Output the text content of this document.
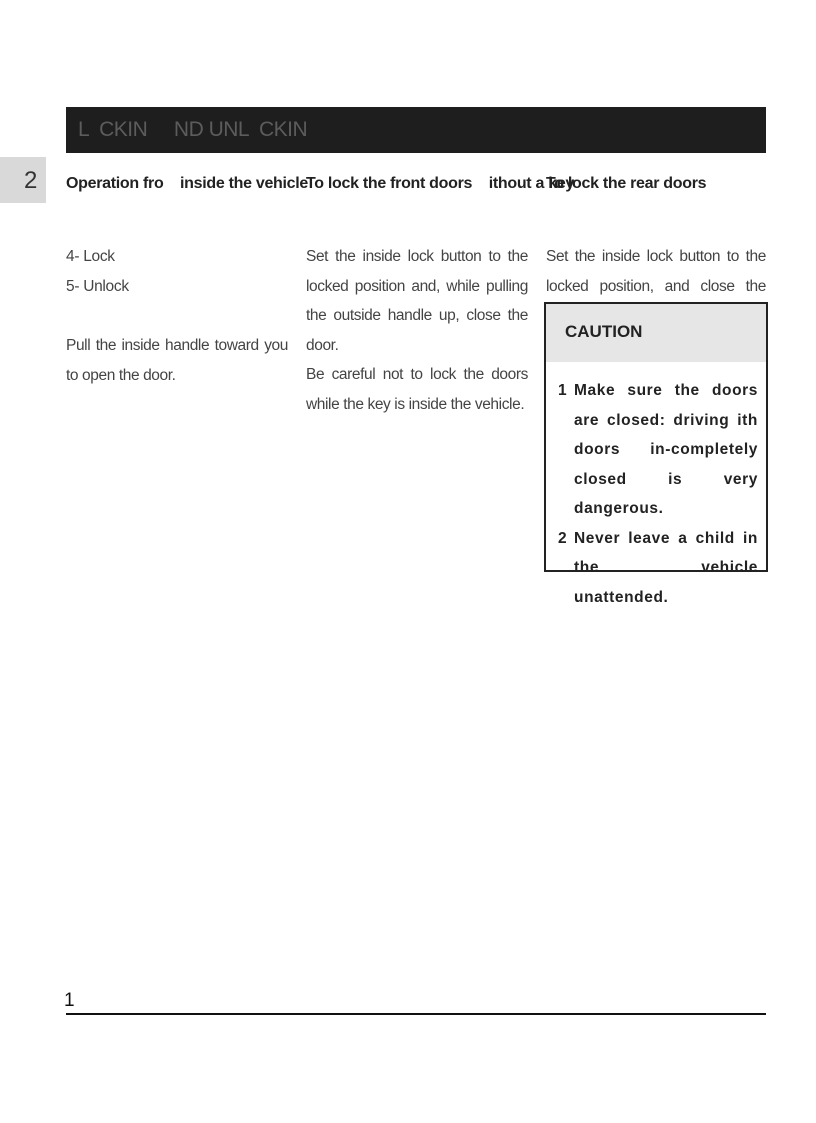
L  CKIN     ND UNL  CKIN
2 Operation fro    inside the vehicle
4- Lock
5- Unlock

Pull the inside handle toward you to open the door.

To lock the front doors    ithout a key

Set the inside lock button to the locked position and, while pulling the outside handle up, close the door.

Be careful not to lock the doors while the key is inside the vehicle.

To lock the rear doors

Set the inside lock button to the locked position, and close the

CAUTION
1 Make sure the doors are closed: driving ith doors in-completely closed is very dangerous.
2 Never leave a child in the vehicle unattended.
1
